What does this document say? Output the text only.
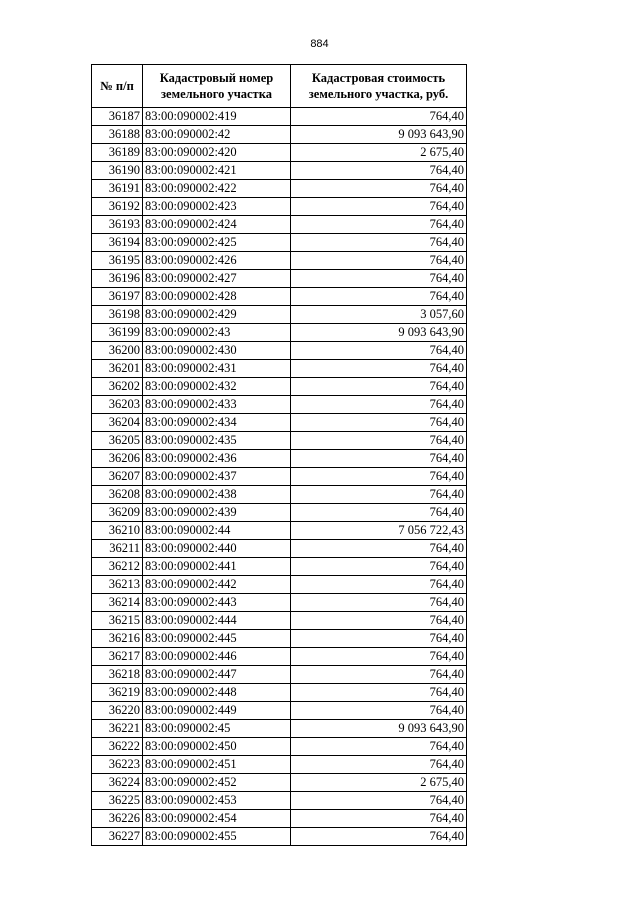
884
№ п/п	Кадастровый номер земельного участка	Кадастровая стоимость земельного участка, руб.
36187	83:00:090002:419	764,40
36188	83:00:090002:42	9 093 643,90
36189	83:00:090002:420	2 675,40
36190	83:00:090002:421	764,40
36191	83:00:090002:422	764,40
36192	83:00:090002:423	764,40
36193	83:00:090002:424	764,40
36194	83:00:090002:425	764,40
36195	83:00:090002:426	764,40
36196	83:00:090002:427	764,40
36197	83:00:090002:428	764,40
36198	83:00:090002:429	3 057,60
36199	83:00:090002:43	9 093 643,90
36200	83:00:090002:430	764,40
36201	83:00:090002:431	764,40
36202	83:00:090002:432	764,40
36203	83:00:090002:433	764,40
36204	83:00:090002:434	764,40
36205	83:00:090002:435	764,40
36206	83:00:090002:436	764,40
36207	83:00:090002:437	764,40
36208	83:00:090002:438	764,40
36209	83:00:090002:439	764,40
36210	83:00:090002:44	7 056 722,43
36211	83:00:090002:440	764,40
36212	83:00:090002:441	764,40
36213	83:00:090002:442	764,40
36214	83:00:090002:443	764,40
36215	83:00:090002:444	764,40
36216	83:00:090002:445	764,40
36217	83:00:090002:446	764,40
36218	83:00:090002:447	764,40
36219	83:00:090002:448	764,40
36220	83:00:090002:449	764,40
36221	83:00:090002:45	9 093 643,90
36222	83:00:090002:450	764,40
36223	83:00:090002:451	764,40
36224	83:00:090002:452	2 675,40
36225	83:00:090002:453	764,40
36226	83:00:090002:454	764,40
36227	83:00:090002:455	764,40
